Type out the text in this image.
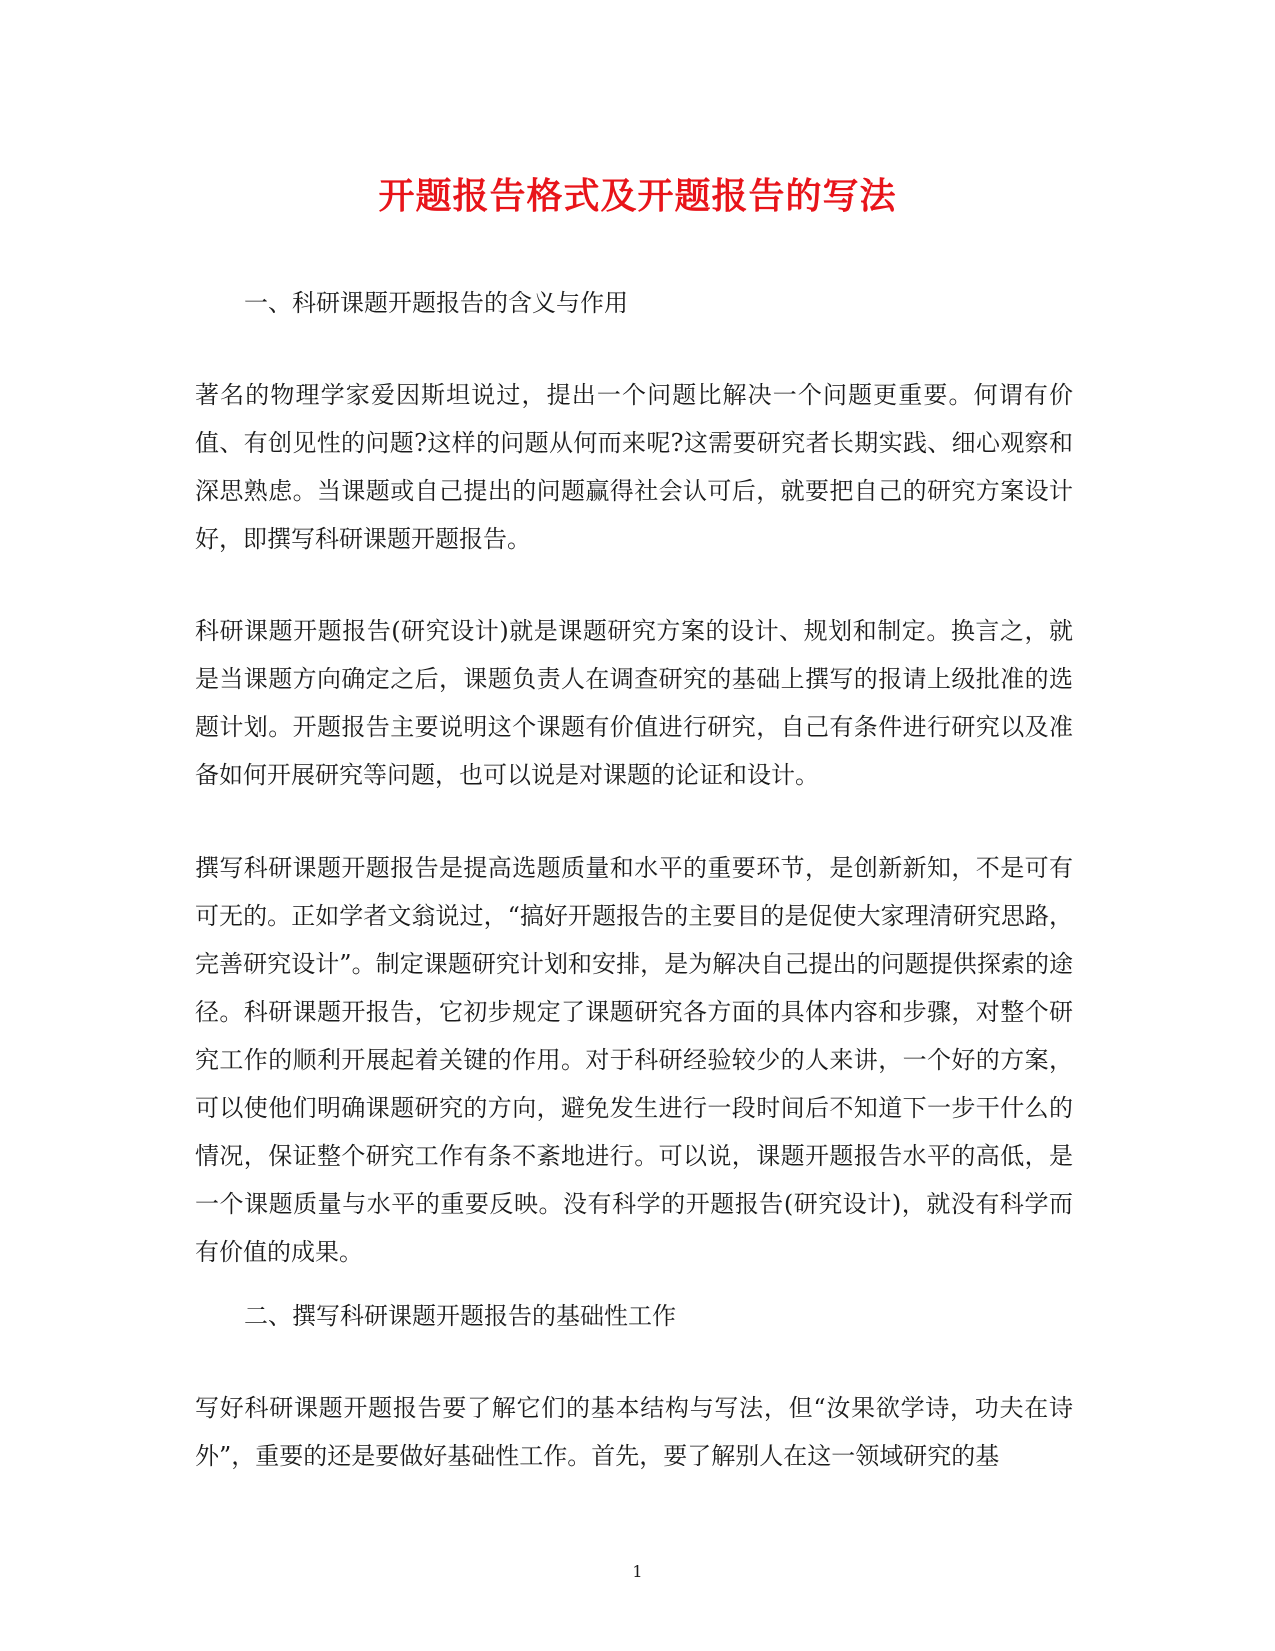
开题报告格式及开题报告的写法
一、科研课题开题报告的含义与作用
著名的物理学家爱因斯坦说过，提出一个问题比解决一个问题更重要。何谓有价值、有创见性的问题?这样的问题从何而来呢?这需要研究者长期实践、细心观察和深思熟虑。当课题或自己提出的问题赢得社会认可后，就要把自己的研究方案设计好，即撰写科研课题开题报告。
科研课题开题报告(研究设计)就是课题研究方案的设计、规划和制定。换言之，就是当课题方向确定之后，课题负责人在调查研究的基础上撰写的报请上级批准的选题计划。开题报告主要说明这个课题有价值进行研究，自己有条件进行研究以及准备如何开展研究等问题，也可以说是对课题的论证和设计。
撰写科研课题开题报告是提高选题质量和水平的重要环节，是创新新知，不是可有可无的。正如学者文翁说过，“搞好开题报告的主要目的是促使大家理清研究思路，完善研究设计”。制定课题研究计划和安排，是为解决自己提出的问题提供探索的途径。科研课题开报告，它初步规定了课题研究各方面的具体内容和步骤，对整个研究工作的顺利开展起着关键的作用。对于科研经验较少的人来讲，一个好的方案，可以使他们明确课题研究的方向，避免发生进行一段时间后不知道下一步干什么的情况，保证整个研究工作有条不紊地进行。可以说，课题开题报告水平的高低，是一个课题质量与水平的重要反映。没有科学的开题报告(研究设计)，就没有科学而有价值的成果。
二、撰写科研课题开题报告的基础性工作
写好科研课题开题报告要了解它们的基本结构与写法，但“汝果欲学诗，功夫在诗外”，重要的还是要做好基础性工作。首先，要了解别人在这一领域研究的基
1
